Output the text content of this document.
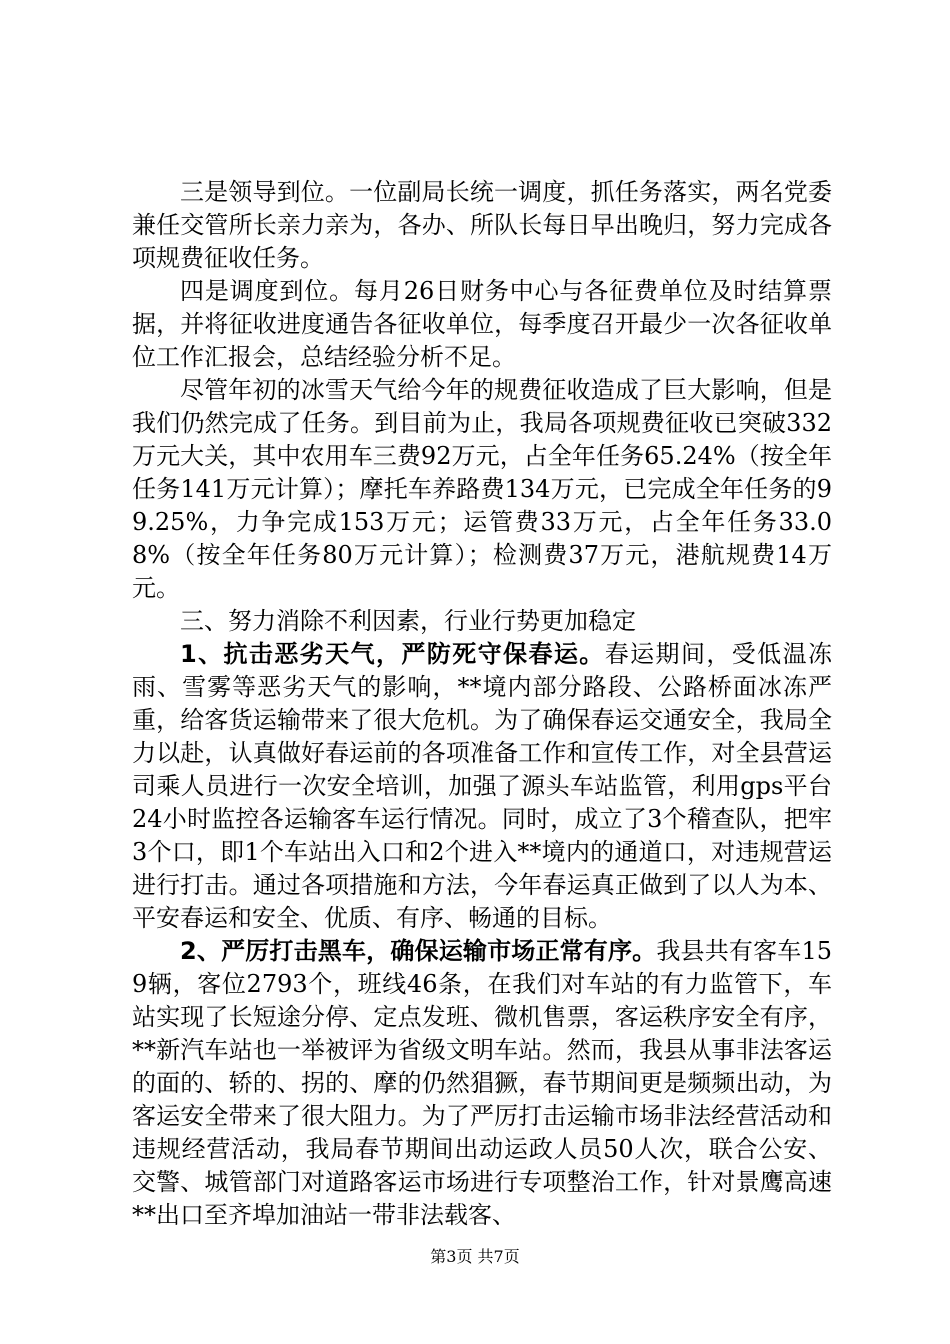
三是领导到位。一位副局长统一调度，抓任务落实，两名党委兼任交管所长亲力亲为，各办、所队长每日早出晚归，努力完成各项规费征收任务。

四是调度到位。每月26日财务中心与各征费单位及时结算票据，并将征收进度通告各征收单位，每季度召开最少一次各征收单位工作汇报会，总结经验分析不足。

尽管年初的冰雪天气给今年的规费征收造成了巨大影响，但是我们仍然完成了任务。到目前为止，我局各项规费征收已突破332万元大关，其中农用车三费92万元，占全年任务65.24%（按全年任务141万元计算）；摩托车养路费134万元，已完成全年任务的99.25%，力争完成153万元；运管费33万元，占全年任务33.08%（按全年任务80万元计算）；检测费37万元，港航规费14万元。

三、努力消除不利因素，行业行势更加稳定

1、抗击恶劣天气，严防死守保春运。春运期间，受低温冻雨、雪雾等恶劣天气的影响，**境内部分路段、公路桥面冰冻严重，给客货运输带来了很大危机。为了确保春运交通安全，我局全力以赴，认真做好春运前的各项准备工作和宣传工作，对全县营运司乘人员进行一次安全培训，加强了源头车站监管，利用gps平台24小时监控各运输客车运行情况。同时，成立了3个稽查队，把牢3个口，即1个车站出入口和2个进入**境内的通道口，对违规营运进行打击。通过各项措施和方法，今年春运真正做到了以人为本、平安春运和安全、优质、有序、畅通的目标。

2、严厉打击黑车，确保运输市场正常有序。我县共有客车159辆，客位2793个，班线46条，在我们对车站的有力监管下，车站实现了长短途分停、定点发班、微机售票，客运秩序安全有序，**新汽车站也一举被评为省级文明车站。然而，我县从事非法客运的面的、轿的、拐的、摩的仍然猖獗，春节期间更是频频出动，为客运安全带来了很大阻力。为了严厉打击运输市场非法经营活动和违规经营活动，我局春节期间出动运政人员50人次，联合公安、交警、城管部门对道路客运市场进行专项整治工作，针对景鹰高速**出口至齐埠加油站一带非法载客、

第3页 共7页
